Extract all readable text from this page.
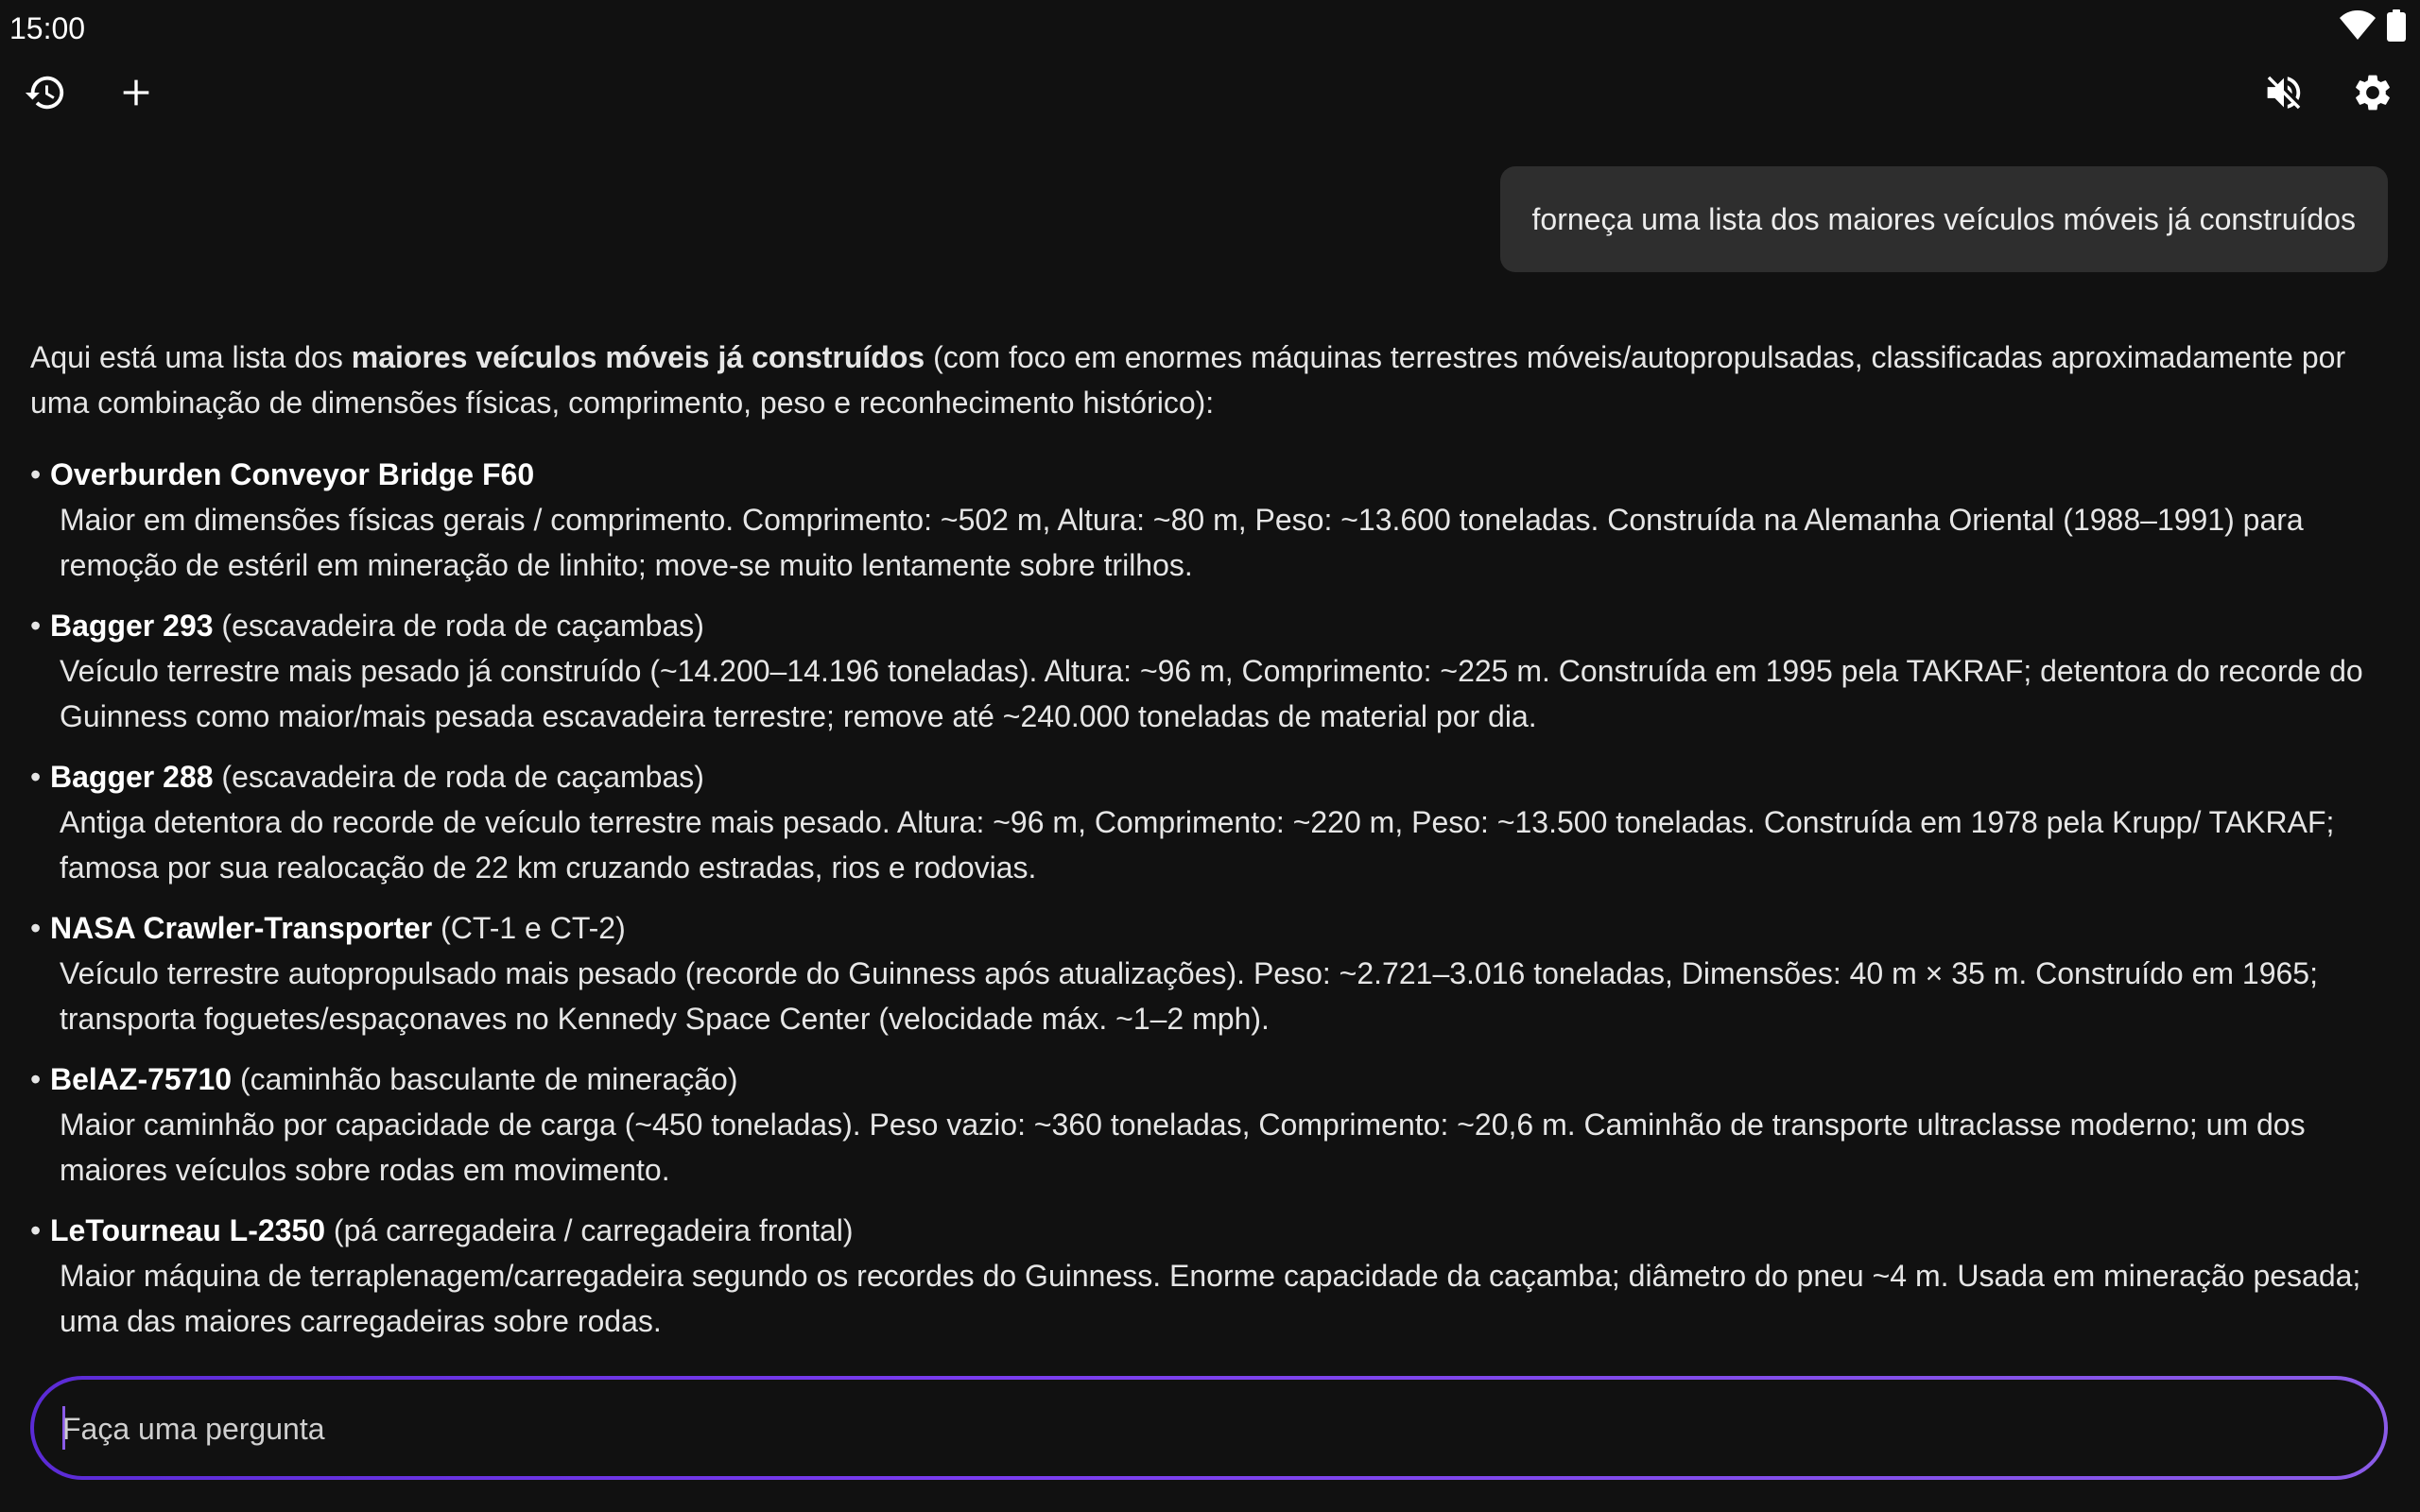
15:00
forneça uma lista dos maiores veículos móveis já construídos

Aqui está uma lista dos maiores veículos móveis já construídos (com foco em enormes máquinas terrestres móveis/autopropulsadas, classificadas aproximadamente por uma combinação de dimensões físicas, comprimento, peso e reconhecimento histórico):

• Overburden Conveyor Bridge F60
Maior em dimensões físicas gerais / comprimento. Comprimento: ~502 m, Altura: ~80 m, Peso: ~13.600 toneladas. Construída na Alemanha Oriental (1988–1991) para remoção de estéril em mineração de linhito; move-se muito lentamente sobre trilhos.
• Bagger 293 (escavadeira de roda de caçambas)
Veículo terrestre mais pesado já construído (~14.200–14.196 toneladas). Altura: ~96 m, Comprimento: ~225 m. Construída em 1995 pela TAKRAF; detentora do recorde do Guinness como maior/mais pesada escavadeira terrestre; remove até ~240.000 toneladas de material por dia.
• Bagger 288 (escavadeira de roda de caçambas)
Antiga detentora do recorde de veículo terrestre mais pesado. Altura: ~96 m, Comprimento: ~220 m, Peso: ~13.500 toneladas. Construída em 1978 pela Krupp/ TAKRAF; famosa por sua realocação de 22 km cruzando estradas, rios e rodovias.
• NASA Crawler-Transporter (CT-1 e CT-2)
Veículo terrestre autopropulsado mais pesado (recorde do Guinness após atualizações). Peso: ~2.721–3.016 toneladas, Dimensões: 40 m × 35 m. Construído em 1965; transporta foguetes/espaçonaves no Kennedy Space Center (velocidade máx. ~1–2 mph).
• BelAZ-75710 (caminhão basculante de mineração)
Maior caminhão por capacidade de carga (~450 toneladas). Peso vazio: ~360 toneladas, Comprimento: ~20,6 m. Caminhão de transporte ultraclasse moderno; um dos maiores veículos sobre rodas em movimento.
• LeTourneau L-2350 (pá carregadeira / carregadeira frontal)
Maior máquina de terraplenagem/carregadeira segundo os recordes do Guinness. Enorme capacidade da caçamba; diâmetro do pneu ~4 m. Usada em mineração pesada; uma das maiores carregadeiras sobre rodas.
Faça uma pergunta
